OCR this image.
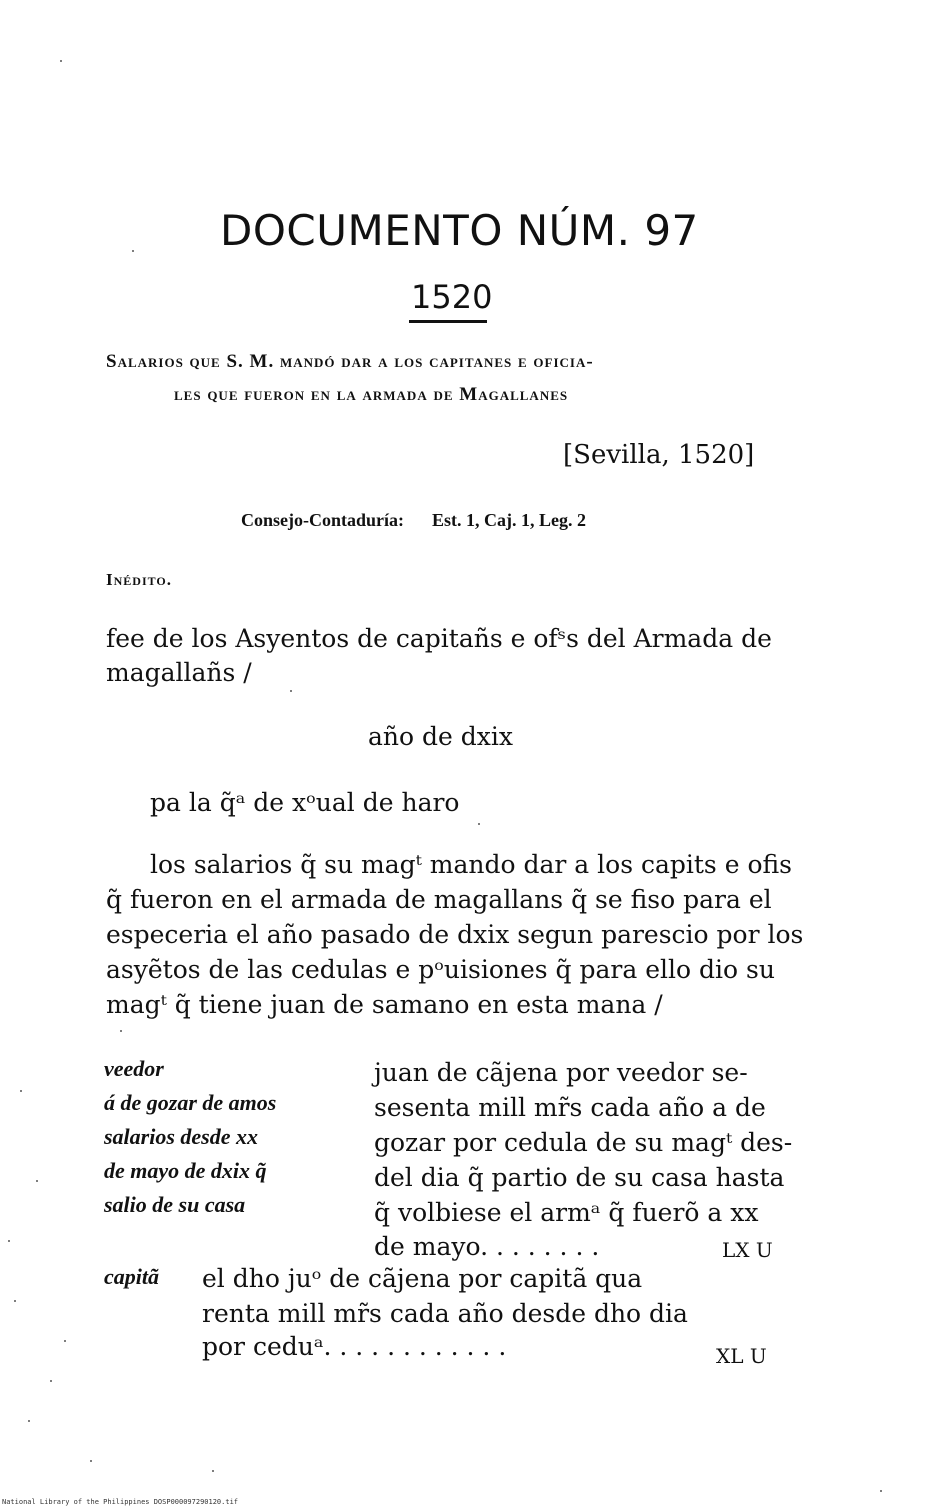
DOCUMENTO NÚM. 97
1520
Salarios que S. M. mandó dar a los capitanes e oficia-
les que fueron en la armada de Magallanes
[Sevilla, 1520]
Consejo-Contaduría: Est. 1, Caj. 1, Leg. 2
Inédito.
fee de los Asyentos de capitañs e ofˢs del Armada de
magallañs /
año de dxix
pa la q̃ᵃ de xᵒual de haro
los salarios q̃ su magᵗ mando dar a los capits e ofis
q̃ fueron en el armada de magallans q̃ se fiso para el
especeria el año pasado de dxix segun parescio por los
asyẽtos de las cedulas e pᵒuisiones q̃ para ello dio su
magᵗ q̃ tiene juan de samano en esta mana /
veedor
á de gozar de amos
salarios desde xx
de mayo de dxix q̃
salio de su casa
juan de cãjena por veedor se-
sesenta mill mr̃s cada año a de
gozar por cedula de su magᵗ des-
del dia q̃ partio de su casa hasta
q̃ volbiese el armᵃ q̃ fuerõ a xx
de mayo. . . . . . . .	LX U
capitã el dho juᵒ de cãjena por capitã qua
renta mill mr̃s cada año desde dho dia
por ceduᵃ. . . . . . . . . . . .	XL U
National Library of the Philippines DOSP000097290120.tif
